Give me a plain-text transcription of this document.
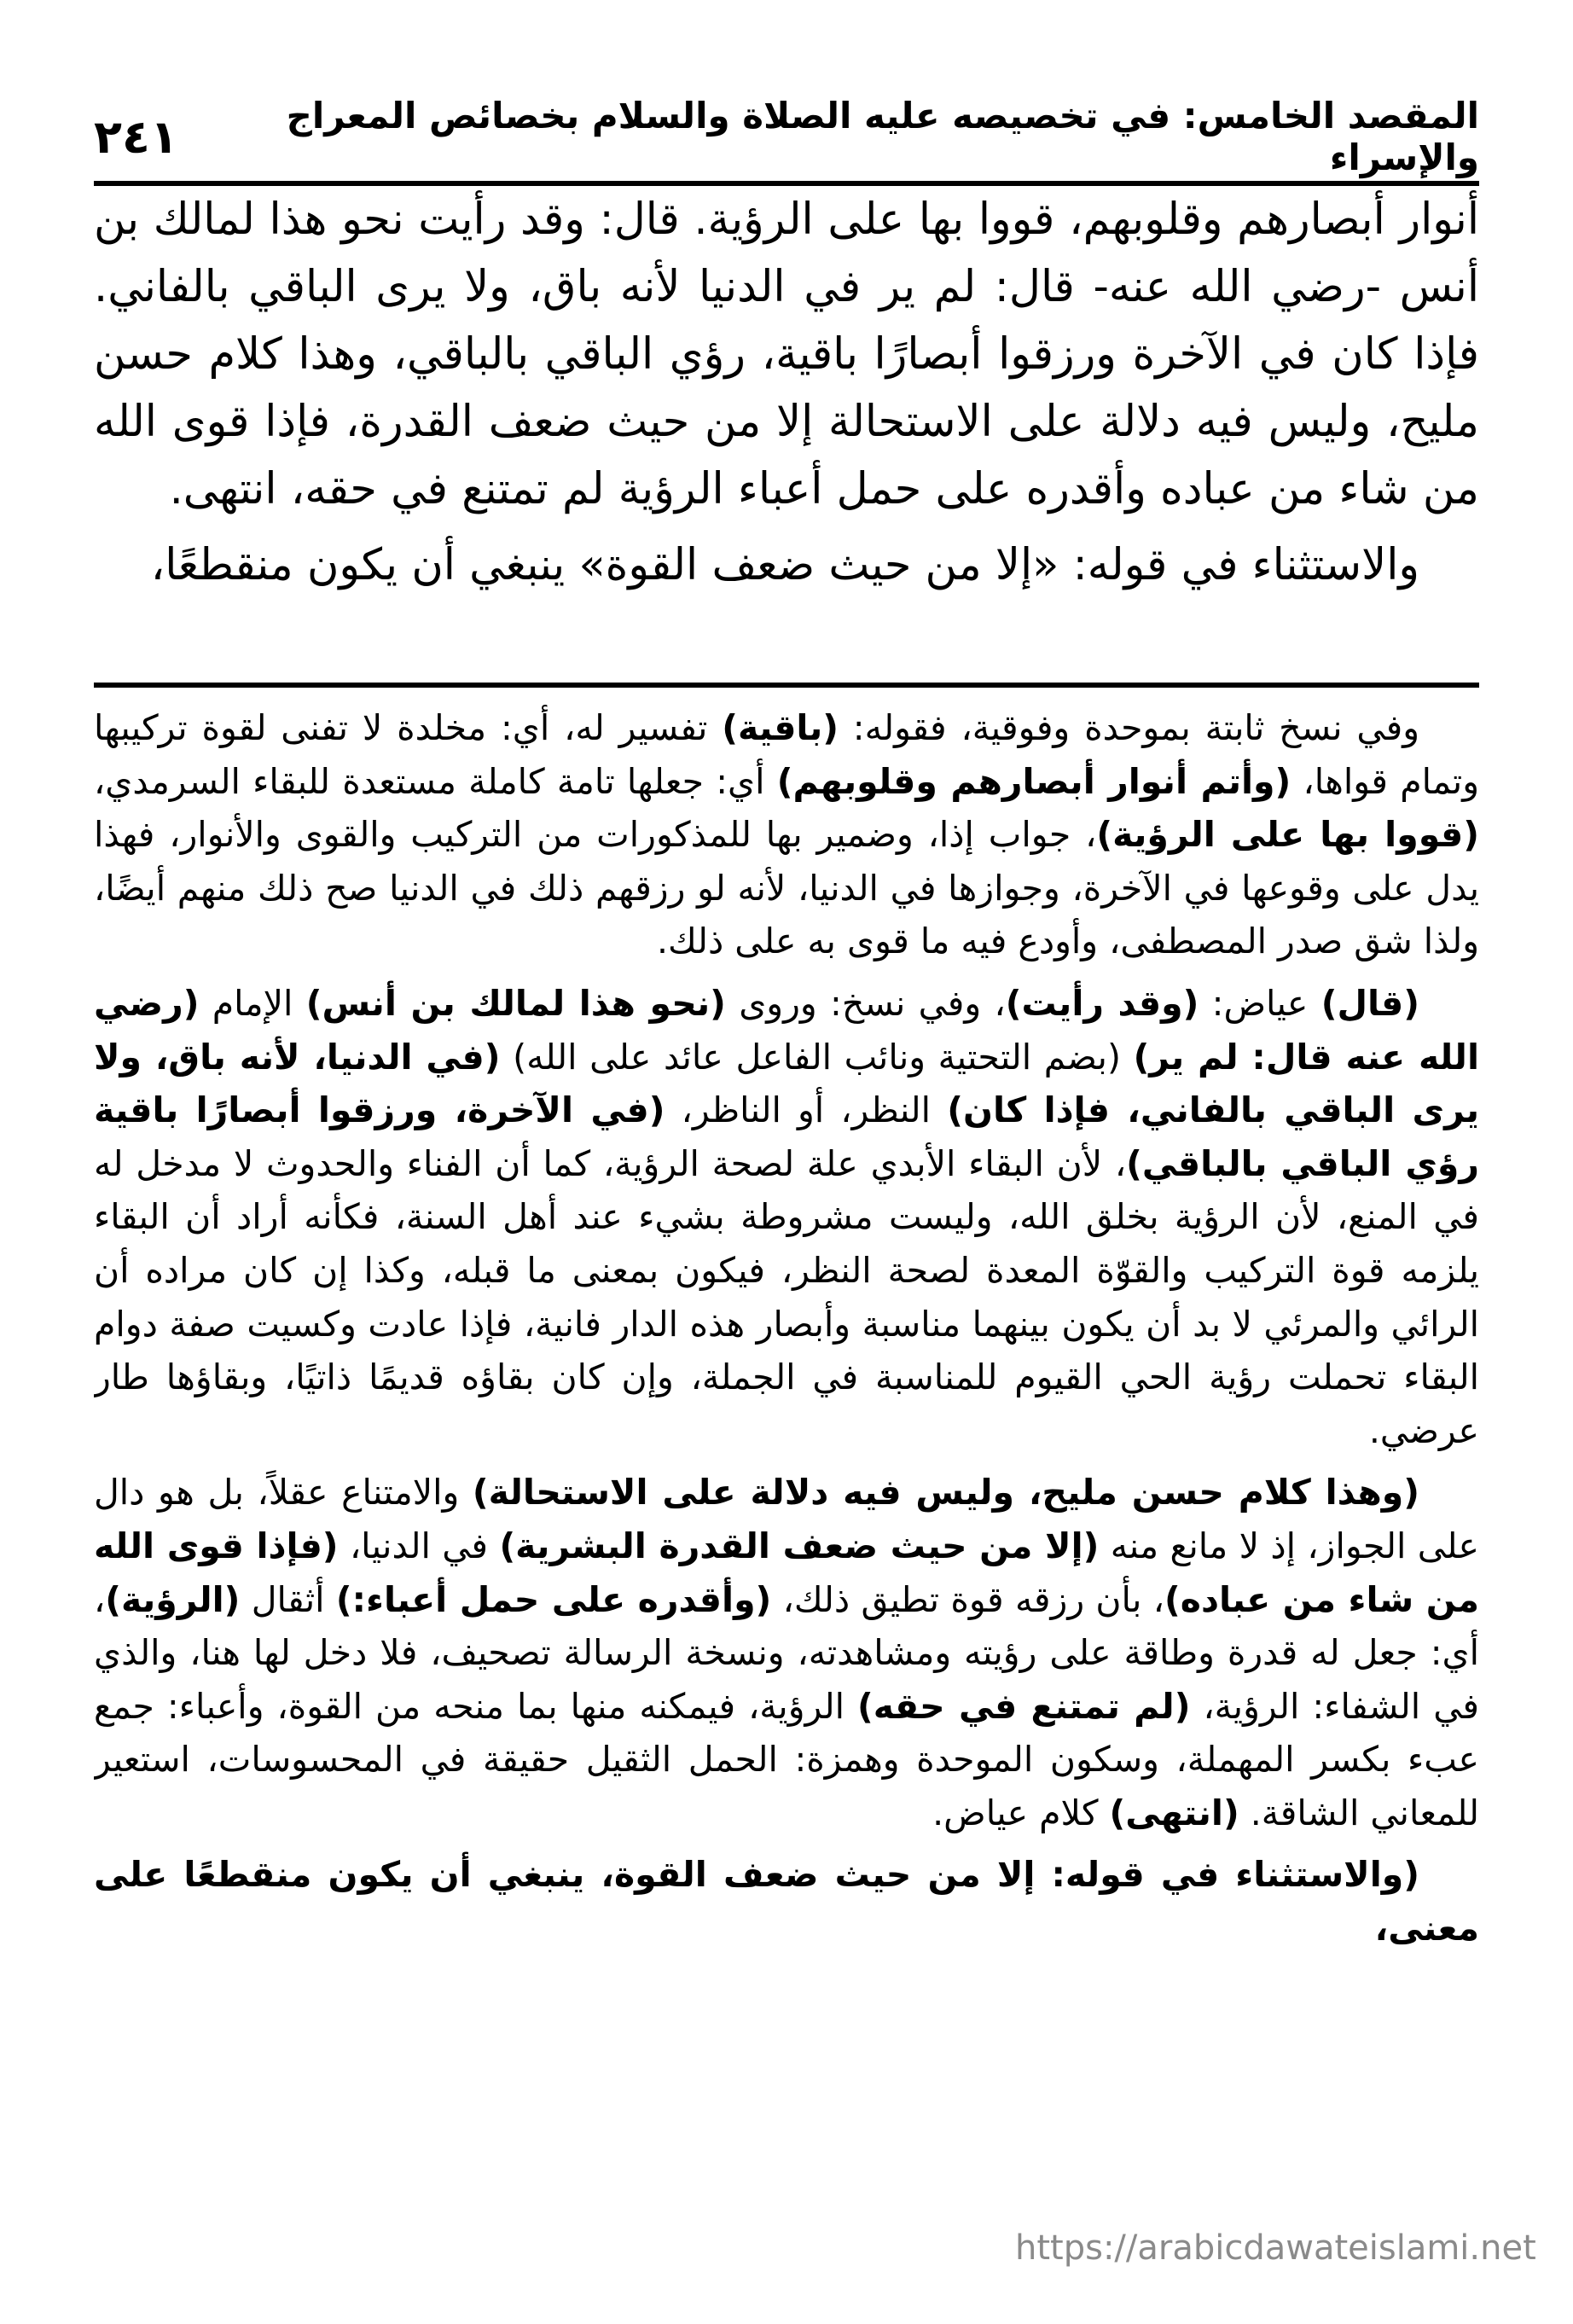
المقصد الخامس: في تخصيصه عليه الصلاة والسلام بخصائص المعراج والإسراء
٢٤١

أنوار أبصارهم وقلوبهم، قووا بها على الرؤية. قال: وقد رأيت نحو هذا لمالك بن أنس -رضي الله عنه- قال: لم ير في الدنيا لأنه باق، ولا يرى الباقي بالفاني. فإذا كان في الآخرة ورزقوا أبصارًا باقية، رؤي الباقي بالباقي، وهذا كلام حسن مليح، وليس فيه دلالة على الاستحالة إلا من حيث ضعف القدرة، فإذا قوى الله من شاء من عباده وأقدره على حمل أعباء الرؤية لم تمتنع في حقه، انتهى.

والاستثناء في قوله: «إلا من حيث ضعف القوة» ينبغي أن يكون منقطعًا،

وفي نسخ ثابتة بموحدة وفوقية، فقوله: (باقية) تفسير له، أي: مخلدة لا تفنى لقوة تركيبها وتمام قواها، (وأتم أنوار أبصارهم وقلوبهم) أي: جعلها تامة كاملة مستعدة للبقاء السرمدي، (قووا بها على الرؤية)، جواب إذا، وضمير بها للمذكورات من التركيب والقوى والأنوار، فهذا يدل على وقوعها في الآخرة، وجوازها في الدنيا، لأنه لو رزقهم ذلك في الدنيا صح ذلك منهم أيضًا، ولذا شق صدر المصطفى، وأودع فيه ما قوى به على ذلك.

(قال) عياض: (وقد رأيت)، وفي نسخ: وروى (نحو هذا لمالك بن أنس) الإمام (رضي الله عنه قال: لم ير) (بضم التحتية ونائب الفاعل عائد على الله) (في الدنيا، لأنه باق، ولا يرى الباقي بالفاني، فإذا كان) النظر، أو الناظر، (في الآخرة، ورزقوا أبصارًا باقية رؤي الباقي بالباقي)، لأن البقاء الأبدي علة لصحة الرؤية، كما أن الفناء والحدوث لا مدخل له في المنع، لأن الرؤية بخلق الله، وليست مشروطة بشيء عند أهل السنة، فكأنه أراد أن البقاء يلزمه قوة التركيب والقوّة المعدة لصحة النظر، فيكون بمعنى ما قبله، وكذا إن كان مراده أن الرائي والمرئي لا بد أن يكون بينهما مناسبة وأبصار هذه الدار فانية، فإذا عادت وكسيت صفة دوام البقاء تحملت رؤية الحي القيوم للمناسبة في الجملة، وإن كان بقاؤه قديمًا ذاتيًا، وبقاؤها طار عرضي.

(وهذا كلام حسن مليح، وليس فيه دلالة على الاستحالة) والامتناع عقلاً، بل هو دال على الجواز، إذ لا مانع منه (إلا من حيث ضعف القدرة البشرية) في الدنيا، (فإذا قوى الله من شاء من عباده)، بأن رزقه قوة تطيق ذلك، (وأقدره على حمل أعباء:) أثقال (الرؤية)، أي: جعل له قدرة وطاقة على رؤيته ومشاهدته، ونسخة الرسالة تصحيف، فلا دخل لها هنا، والذي في الشفاء: الرؤية، (لم تمتنع في حقه) الرؤية، فيمكنه منها بما منحه من القوة، وأعباء: جمع عبء بكسر المهملة، وسكون الموحدة وهمزة: الحمل الثقيل حقيقة في المحسوسات، استعير للمعاني الشاقة. (انتهى) كلام عياض.

(والاستثناء في قوله: إلا من حيث ضعف القوة، ينبغي أن يكون منقطعًا على معنى،

https://arabicdawateislami.net
